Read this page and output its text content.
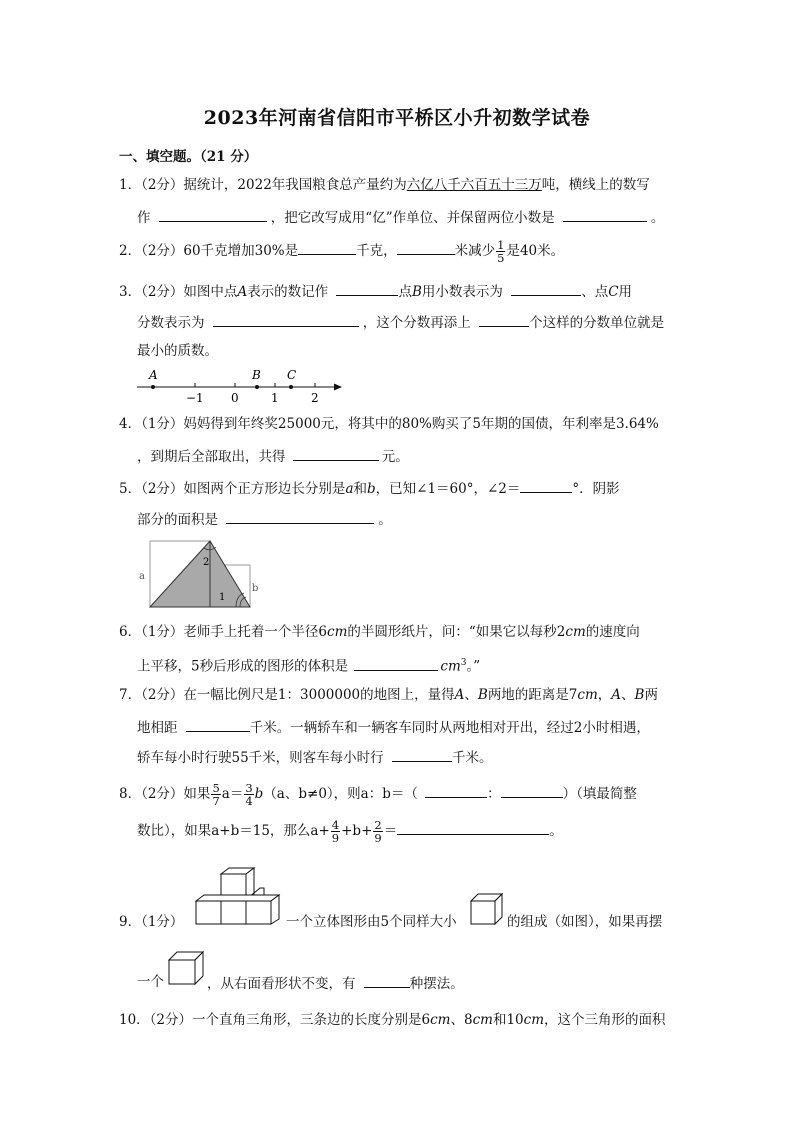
2023年河南省信阳市平桥区小升初数学试卷
一、填空题。（21 分）
1．（2分）据统计，2022年我国粮食总产量约为六亿八千六百五十三万吨，横线上的数写
作	，把它改写成用“亿”作单位、并保留两位小数是	。
2．（2分）60千克增加30%是	千克，	米减少 $\frac{1}{5}$ 是40米。
3．（2分）如图中点A表示的数记作	点B用小数表示为	、点C用
分数表示为	，这个分数再添上	个这样的分数单位就是
最小的质数。
A	B C
−1 0	1	2
4．（1分）妈妈得到年终奖25000元，将其中的80%购买了5年期的国债，年利率是3.64%
，到期后全部取出，共得	元。
5．（2分）如图两个正方形边长分别是a和b，已知∠1＝60°，∠2＝	°．阴影
部分的面积是	。
a
b
1
2
6．（1分）老师手上托着一个半径6cm的半圆形纸片，问：“如果它以每秒2cm的速度向
上平移，5秒后形成的图形的体积是	$cm^3$。”
7．（2分）在一幅比例尺是1：3000000的地图上，量得A、B两地的距离是7cm，A、B两
地相距	千米。一辆轿车和一辆客车同时从两地相对开出，经过2小时相遇，
轿车每小时行驶55千米，则客车每小时行	千米。
8．（2分）如果 $\frac{5}{7} a= \frac{3}{4} b(a$、b≠0），则a：b＝（	：	）（填最简整
数比），如果a+b＝15，那么$a+ \frac{4}{9} +b+ \frac{2}{9}$ ＝	。
9．（1分）	一个立体图形由5个同样大小	的组成（如图），如果再摆
一个	，从右面看形状不变，有	种摆法。
10．（2分）一个直角三角形，三条边的长度分别是6cm、8cm和10cm，这个三角形的面积
